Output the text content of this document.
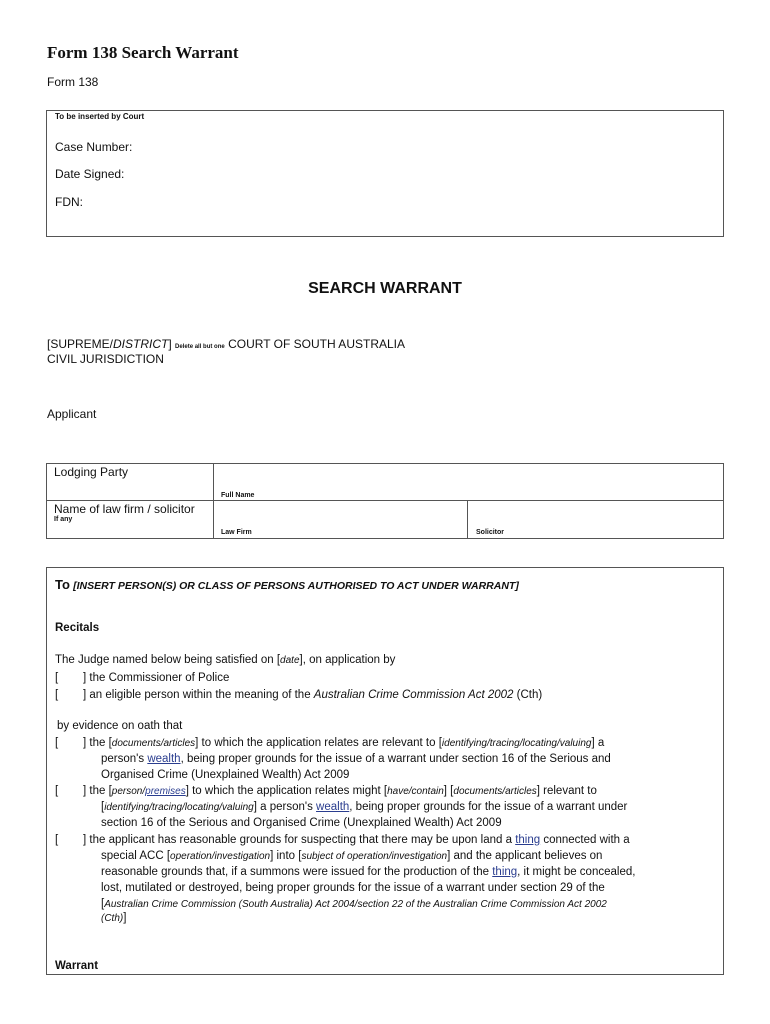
Form 138 Search Warrant
Form 138
To be inserted by Court
Case Number:
Date Signed:
FDN:
SEARCH WARRANT
[SUPREME/DISTRICT] Delete all but one COURT OF SOUTH AUSTRALIA
CIVIL JURISDICTION
Applicant
Lodging Party
Full Name
Name of law firm / solicitor
If any
Law Firm	Solicitor
To [INSERT PERSON(S) OR CLASS OF PERSONS AUTHORISED TO ACT UNDER WARRANT]
Recitals
The Judge named below being satisfied on [date], on application by
[ ] the Commissioner of Police
[ ] an eligible person within the meaning of the Australian Crime Commission Act 2002 (Cth)
by evidence on oath that
[ ] the [documents/articles] to which the application relates are relevant to [identifying/tracing/locating/valuing] a
person's wealth, being proper grounds for the issue of a warrant under section 16 of the Serious and
Organised Crime (Unexplained Wealth) Act 2009
[ ] the [person/premises] to which the application relates might [have/contain] [documents/articles] relevant to
[identifying/tracing/locating/valuing] a person's wealth, being proper grounds for the issue of a warrant under
section 16 of the Serious and Organised Crime (Unexplained Wealth) Act 2009
[ ] the applicant has reasonable grounds for suspecting that there may be upon land a thing connected with a
special ACC [operation/investigation] into [subject of operation/investigation] and the applicant believes on
reasonable grounds that, if a summons were issued for the production of the thing, it might be concealed,
lost, mutilated or destroyed, being proper grounds for the issue of a warrant under section 29 of the
[Australian Crime Commission (South Australia) Act 2004/section 22 of the Australian Crime Commission Act 2002
(Cth)]
Warrant
